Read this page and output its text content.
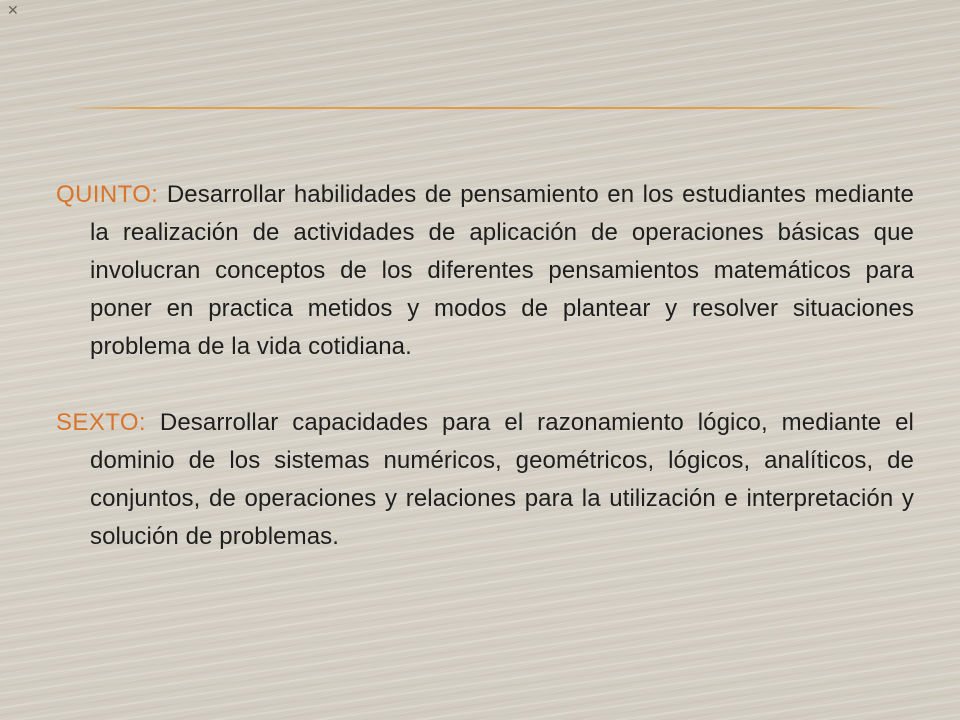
✕

QUINTO: Desarrollar habilidades de pensamiento en los estudiantes mediante la realización de actividades de aplicación de operaciones básicas que involucran conceptos de los diferentes pensamientos matemáticos para poner en practica metidos y modos de plantear y resolver situaciones problema de la vida cotidiana.

SEXTO: Desarrollar capacidades para el razonamiento lógico, mediante el dominio de los sistemas numéricos, geométricos, lógicos, analíticos, de conjuntos, de operaciones y relaciones para la utilización e interpretación y solución de problemas.
